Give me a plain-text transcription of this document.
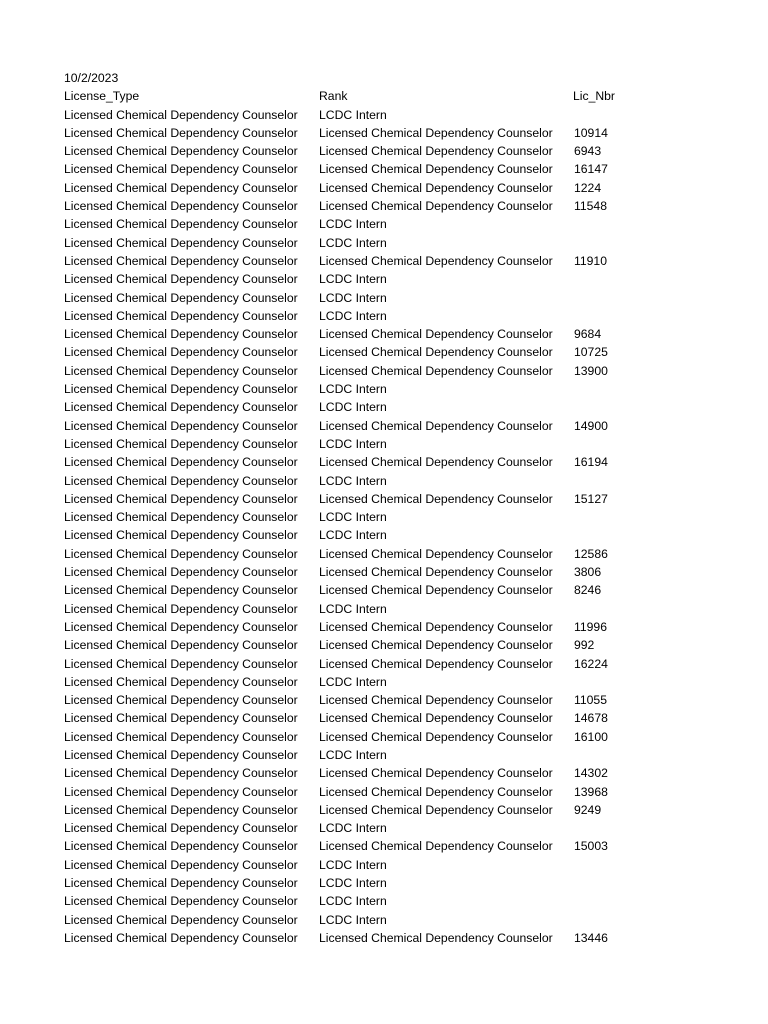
10/2/2023
License_Type	Rank	Lic_Nbr
Licensed Chemical Dependency Counselor LCDC Intern
Licensed Chemical Dependency Counselor Licensed Chemical Dependency Counselor 10914
Licensed Chemical Dependency Counselor Licensed Chemical Dependency Counselor 6943
Licensed Chemical Dependency Counselor Licensed Chemical Dependency Counselor 16147
Licensed Chemical Dependency Counselor Licensed Chemical Dependency Counselor 1224
Licensed Chemical Dependency Counselor Licensed Chemical Dependency Counselor 11548
Licensed Chemical Dependency Counselor LCDC Intern
Licensed Chemical Dependency Counselor LCDC Intern
Licensed Chemical Dependency Counselor Licensed Chemical Dependency Counselor 11910
Licensed Chemical Dependency Counselor LCDC Intern
Licensed Chemical Dependency Counselor LCDC Intern
Licensed Chemical Dependency Counselor LCDC Intern
Licensed Chemical Dependency Counselor Licensed Chemical Dependency Counselor 9684
Licensed Chemical Dependency Counselor Licensed Chemical Dependency Counselor 10725
Licensed Chemical Dependency Counselor Licensed Chemical Dependency Counselor 13900
Licensed Chemical Dependency Counselor LCDC Intern
Licensed Chemical Dependency Counselor LCDC Intern
Licensed Chemical Dependency Counselor Licensed Chemical Dependency Counselor 14900
Licensed Chemical Dependency Counselor LCDC Intern
Licensed Chemical Dependency Counselor Licensed Chemical Dependency Counselor 16194
Licensed Chemical Dependency Counselor LCDC Intern
Licensed Chemical Dependency Counselor Licensed Chemical Dependency Counselor 15127
Licensed Chemical Dependency Counselor LCDC Intern
Licensed Chemical Dependency Counselor LCDC Intern
Licensed Chemical Dependency Counselor Licensed Chemical Dependency Counselor 12586
Licensed Chemical Dependency Counselor Licensed Chemical Dependency Counselor 3806
Licensed Chemical Dependency Counselor Licensed Chemical Dependency Counselor 8246
Licensed Chemical Dependency Counselor LCDC Intern
Licensed Chemical Dependency Counselor Licensed Chemical Dependency Counselor 11996
Licensed Chemical Dependency Counselor Licensed Chemical Dependency Counselor 992
Licensed Chemical Dependency Counselor Licensed Chemical Dependency Counselor 16224
Licensed Chemical Dependency Counselor LCDC Intern
Licensed Chemical Dependency Counselor Licensed Chemical Dependency Counselor 11055
Licensed Chemical Dependency Counselor Licensed Chemical Dependency Counselor 14678
Licensed Chemical Dependency Counselor Licensed Chemical Dependency Counselor 16100
Licensed Chemical Dependency Counselor LCDC Intern
Licensed Chemical Dependency Counselor Licensed Chemical Dependency Counselor 14302
Licensed Chemical Dependency Counselor Licensed Chemical Dependency Counselor 13968
Licensed Chemical Dependency Counselor Licensed Chemical Dependency Counselor 9249
Licensed Chemical Dependency Counselor LCDC Intern
Licensed Chemical Dependency Counselor Licensed Chemical Dependency Counselor 15003
Licensed Chemical Dependency Counselor LCDC Intern
Licensed Chemical Dependency Counselor LCDC Intern
Licensed Chemical Dependency Counselor LCDC Intern
Licensed Chemical Dependency Counselor LCDC Intern
Licensed Chemical Dependency Counselor Licensed Chemical Dependency Counselor 13446
